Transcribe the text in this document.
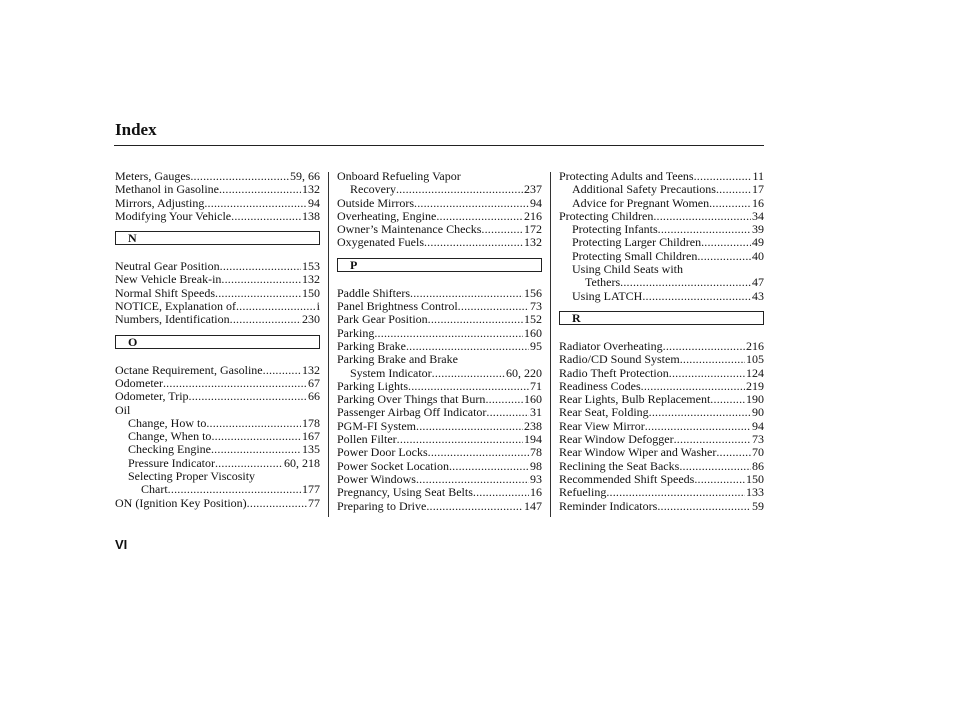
Index
Meters, Gauges .....	59, 66
Methanol in Gasoline .....	132
Mirrors, Adjusting .....	94
Modifying Your Vehicle .....	138
N
Neutral Gear Position .....	153
New Vehicle Break-in .....	132
Normal Shift Speeds .....	150
NOTICE, Explanation of .....	i
Numbers, Identification .....	230
O
Octane Requirement, Gasoline .....	132
Odometer .....	67
Odometer, Trip .....	66
Oil
Change, How to .....	178
Change, When to .....	167
Checking Engine .....	135
Pressure Indicator .....	60, 218
Selecting Proper Viscosity
Chart .....	177
ON (Ignition Key Position) .....	77
Onboard Refueling Vapor
Recovery .....	237
Outside Mirrors .....	94
Overheating, Engine .....	216
Owner’s Maintenance Checks .....	172
Oxygenated Fuels .....	132
P
Paddle Shifters .....	156
Panel Brightness Control .....	73
Park Gear Position .....	152
Parking .....	160
Parking Brake .....	95
Parking Brake and Brake
System Indicator .....	60, 220
Parking Lights .....	71
Parking Over Things that Burn .....	160
Passenger Airbag Off Indicator .....	31
PGM-FI System .....	238
Pollen Filter .....	194
Power Door Locks .....	78
Power Socket Location .....	98
Power Windows .....	93
Pregnancy, Using Seat Belts .....	16
Preparing to Drive .....	147
Protecting Adults and Teens .....	11
Additional Safety Precautions .....	17
Advice for Pregnant Women .....	16
Protecting Children .....	34
Protecting Infants .....	39
Protecting Larger Children .....	49
Protecting Small Children .....	40
Using Child Seats with
Tethers .....	47
Using LATCH .....	43
R
Radiator Overheating .....	216
Radio/CD Sound System .....	105
Radio Theft Protection .....	124
Readiness Codes .....	219
Rear Lights, Bulb Replacement .....	190
Rear Seat, Folding .....	90
Rear View Mirror .....	94
Rear Window Defogger .....	73
Rear Window Wiper and Washer .....	70
Reclining the Seat Backs .....	86
Recommended Shift Speeds .....	150
Refueling .....	133
Reminder Indicators .....	59
VI
